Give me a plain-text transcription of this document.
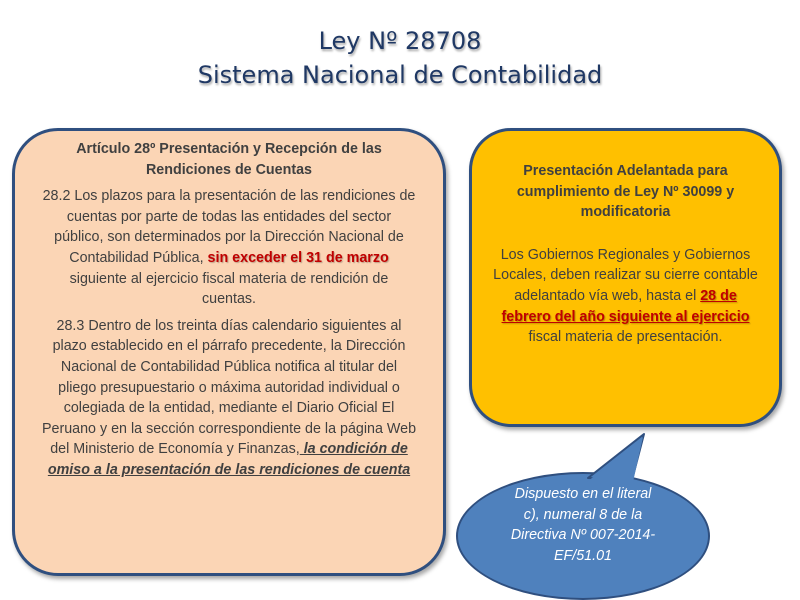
Ley Nº 28708
Sistema Nacional de Contabilidad

Artículo 28º Presentación y Recepción de las Rendiciones de Cuentas

28.2 Los plazos para la presentación de las rendiciones de cuentas por parte de todas las entidades del sector público, son determinados por la Dirección Nacional de Contabilidad Pública, sin exceder el 31 de marzo siguiente al ejercicio fiscal materia de rendición de cuentas.

28.3 Dentro de los treinta días calendario siguientes al plazo establecido en el párrafo precedente, la Dirección Nacional de Contabilidad Pública notifica al titular del pliego presupuestario o máxima autoridad individual o colegiada de la entidad, mediante el Diario Oficial El Peruano y en la sección correspondiente de la página Web del Ministerio de Economía y Finanzas, la condición de omiso a la presentación de las rendiciones de cuenta

Presentación Adelantada para cumplimiento de Ley Nº 30099 y modificatoria

Los Gobiernos Regionales y Gobiernos Locales, deben realizar su cierre contable adelantado vía web, hasta el 28 de febrero del año siguiente al ejercicio fiscal materia de presentación.

Dispuesto en el literal
c), numeral 8 de la
Directiva Nº 007-2014-
EF/51.01
